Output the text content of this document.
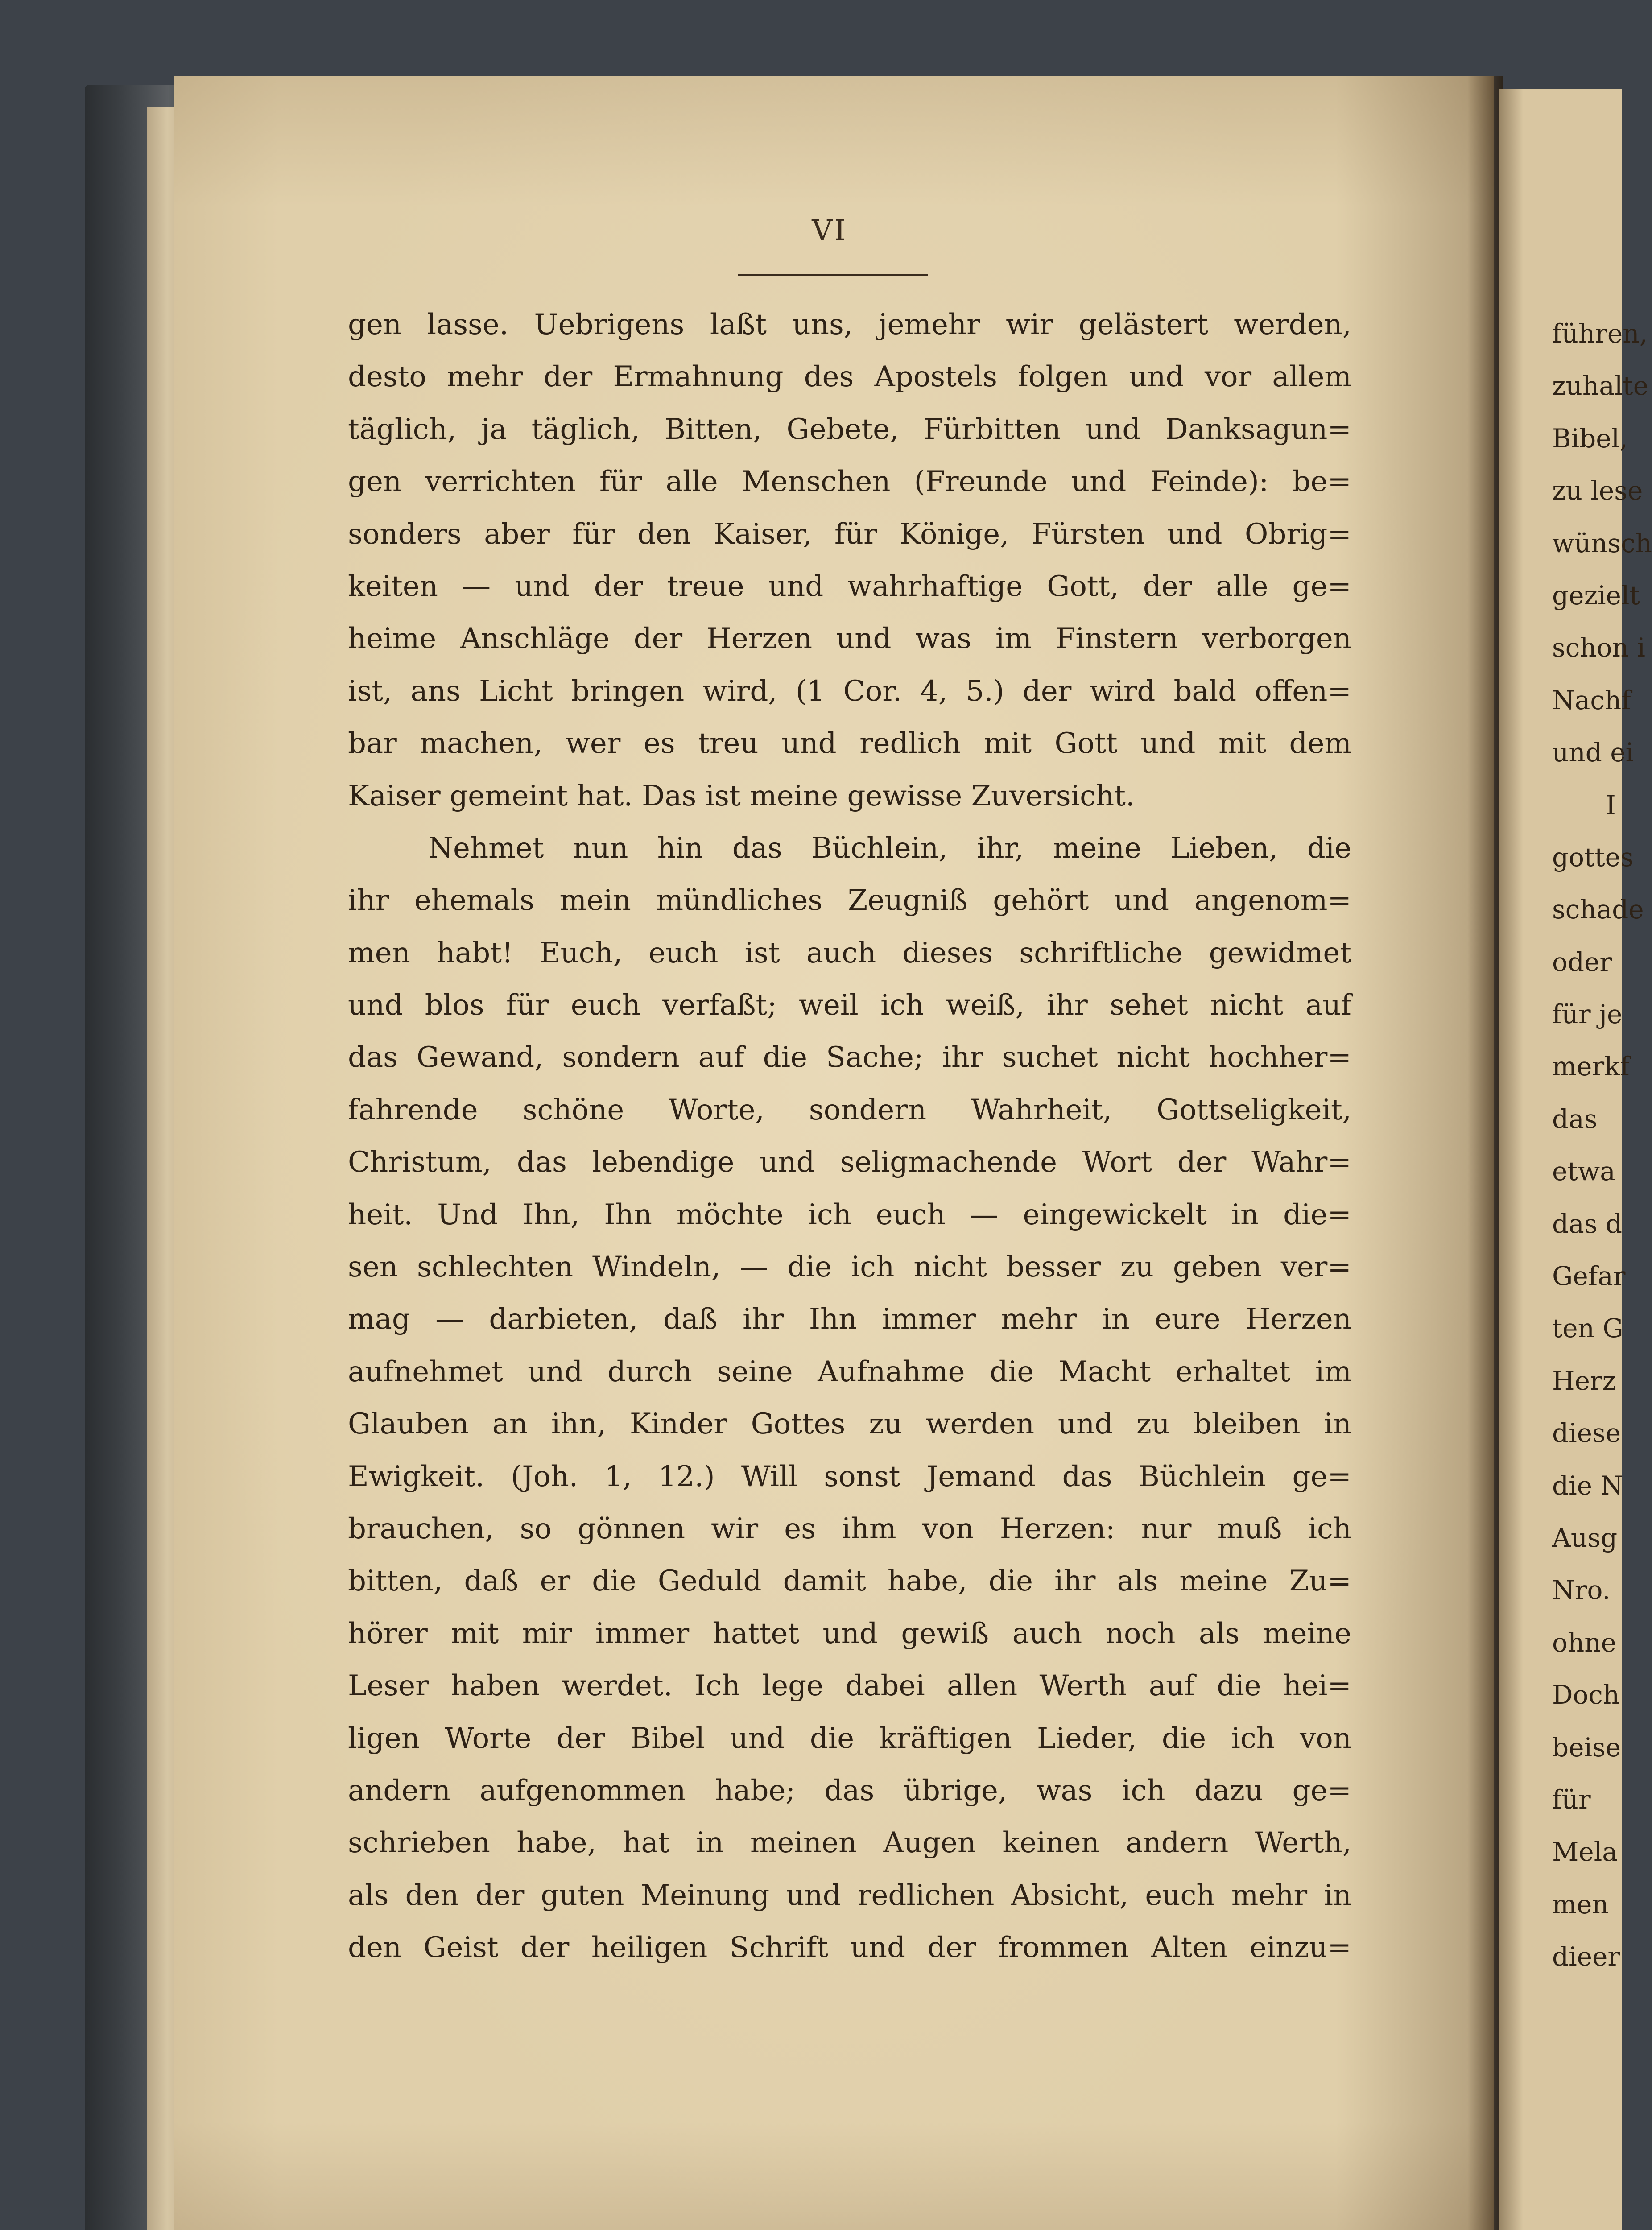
VI
gen lasse. Uebrigens laßt uns, jemehr wir gelästert werden,
desto mehr der Ermahnung des Apostels folgen und vor allem
täglich, ja täglich, Bitten, Gebete, Fürbitten und Danksagun=
gen verrichten für alle Menschen (Freunde und Feinde): be=
sonders aber für den Kaiser, für Könige, Fürsten und Obrig=
keiten — und der treue und wahrhaftige Gott, der alle ge=
heime Anschläge der Herzen und was im Finstern verborgen
ist, ans Licht bringen wird, (1 Cor. 4, 5.) der wird bald offen=
bar machen, wer es treu und redlich mit Gott und mit dem
Kaiser gemeint hat. Das ist meine gewisse Zuversicht.
Nehmet nun hin das Büchlein, ihr, meine Lieben, die
ihr ehemals mein mündliches Zeugniß gehört und angenom=
men habt! Euch, euch ist auch dieses schriftliche gewidmet
und blos für euch verfaßt; weil ich weiß, ihr sehet nicht auf
das Gewand, sondern auf die Sache; ihr suchet nicht hochher=
fahrende schöne Worte, sondern Wahrheit, Gottseligkeit,
Christum, das lebendige und seligmachende Wort der Wahr=
heit. Und Ihn, Ihn möchte ich euch — eingewickelt in die=
sen schlechten Windeln, — die ich nicht besser zu geben ver=
mag — darbieten, daß ihr Ihn immer mehr in eure Herzen
aufnehmet und durch seine Aufnahme die Macht erhaltet im
Glauben an ihn, Kinder Gottes zu werden und zu bleiben in
Ewigkeit. (Joh. 1, 12.) Will sonst Jemand das Büchlein ge=
brauchen, so gönnen wir es ihm von Herzen: nur muß ich
bitten, daß er die Geduld damit habe, die ihr als meine Zu=
hörer mit mir immer hattet und gewiß auch noch als meine
Leser haben werdet. Ich lege dabei allen Werth auf die hei=
ligen Worte der Bibel und die kräftigen Lieder, die ich von
andern aufgenommen habe; das übrige, was ich dazu ge=
schrieben habe, hat in meinen Augen keinen andern Werth,
als den der guten Meinung und redlichen Absicht, euch mehr in
den Geist der heiligen Schrift und der frommen Alten einzu=
führen,
zuhalte
Bibel,
zu lese
wünsch
gezielt
schon i
Nachf
und ei
I
gottes
schade
oder
für je
merkf
das
etwa
das d
Gefar
ten G
Herz
diese
die N
Ausg
Nro.
ohne
Doch
beise
für
Mela
men
dieer
